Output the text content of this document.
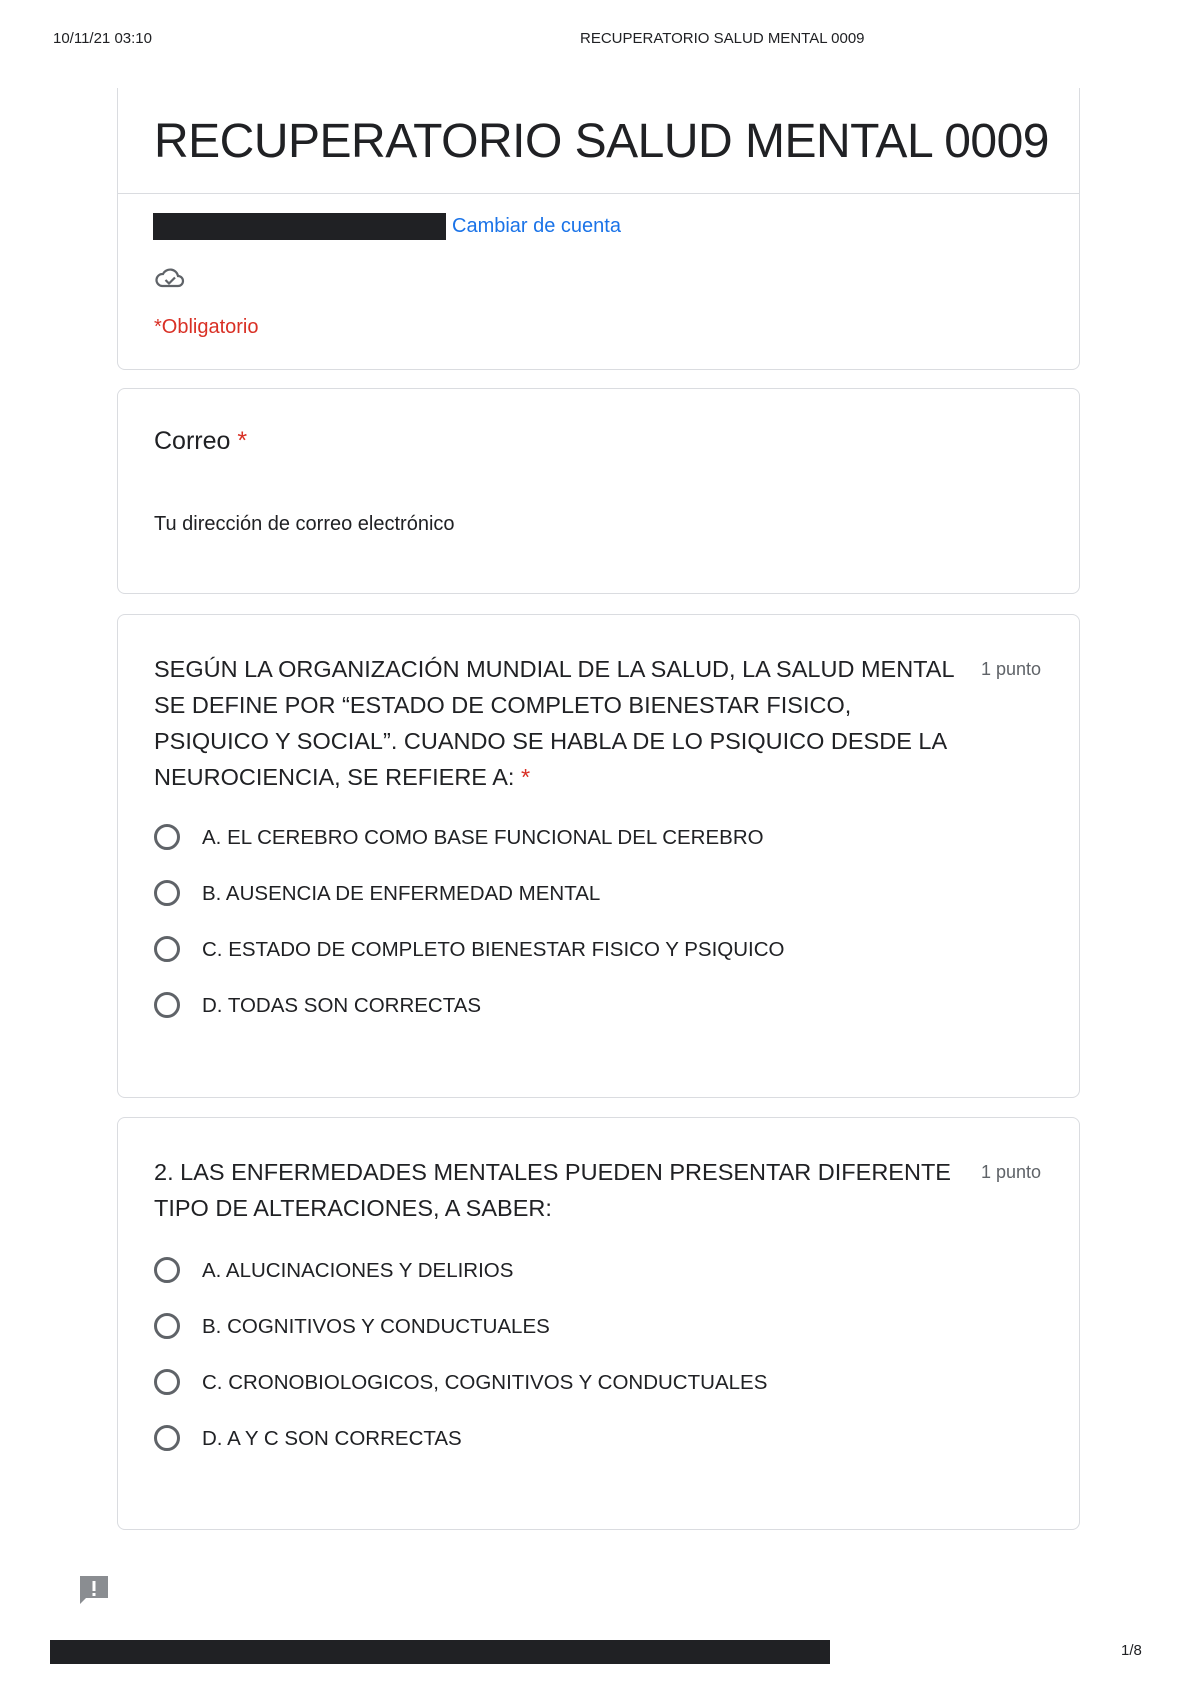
10/11/21 03:10	RECUPERATORIO SALUD MENTAL 0009
RECUPERATORIO SALUD MENTAL 0009
Cambiar de cuenta
*Obligatorio
Correo *
Tu dirección de correo electrónico
SEGÚN LA ORGANIZACIÓN MUNDIAL DE LA SALUD, LA SALUD MENTAL SE DEFINE POR “ESTADO DE COMPLETO BIENESTAR FISICO, PSIQUICO Y SOCIAL”. CUANDO SE HABLA DE LO PSIQUICO DESDE LA NEUROCIENCIA, SE REFIERE A: *
1 punto
A. EL CEREBRO COMO BASE FUNCIONAL DEL CEREBRO
B. AUSENCIA DE ENFERMEDAD MENTAL
C. ESTADO DE COMPLETO BIENESTAR FISICO Y PSIQUICO
D. TODAS SON CORRECTAS
2. LAS ENFERMEDADES MENTALES PUEDEN PRESENTAR DIFERENTE TIPO DE ALTERACIONES, A SABER:
1 punto
A. ALUCINACIONES Y DELIRIOS
B. COGNITIVOS Y CONDUCTUALES
C. CRONOBIOLOGICOS, COGNITIVOS Y CONDUCTUALES
D. A Y C SON CORRECTAS
1/8
